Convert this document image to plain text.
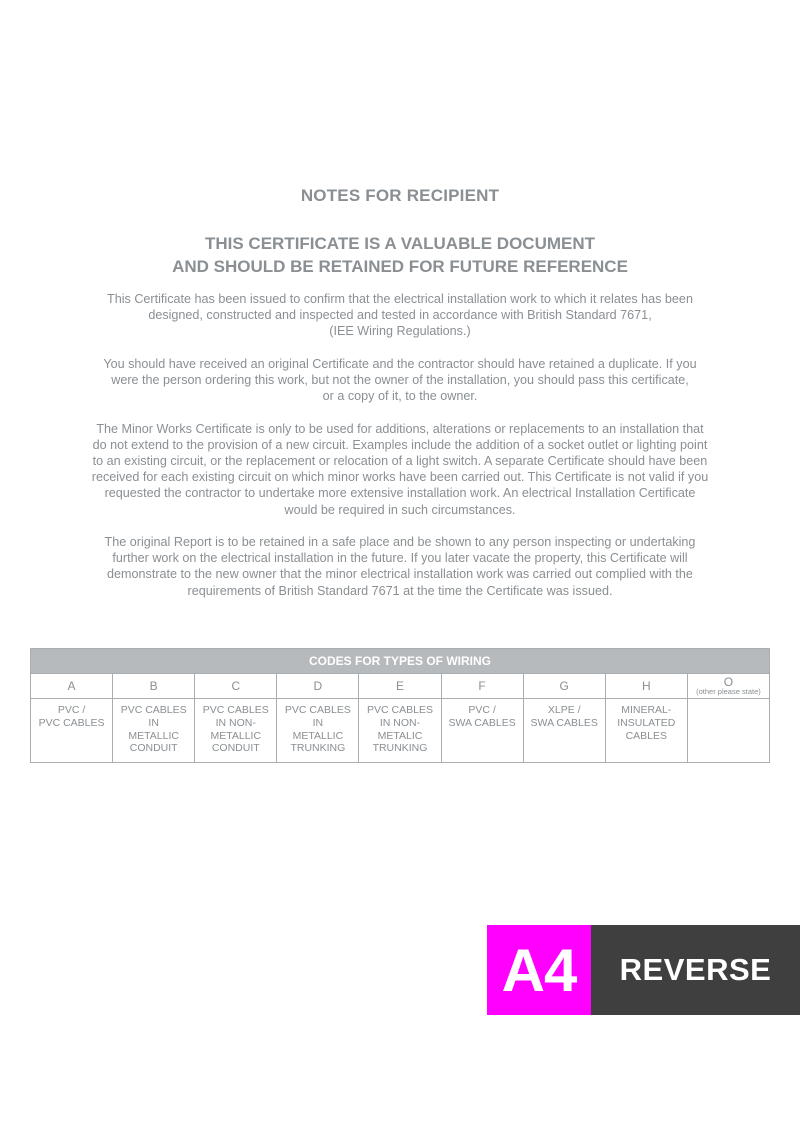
NOTES FOR RECIPIENT
THIS CERTIFICATE IS A VALUABLE DOCUMENT
AND SHOULD BE RETAINED FOR FUTURE REFERENCE

This Certificate has been issued to confirm that the electrical installation work to which it relates has been
designed, constructed and inspected and tested in accordance with British Standard 7671,
(IEE Wiring Regulations.)

You should have received an original Certificate and the contractor should have retained a duplicate. If you
were the person ordering this work, but not the owner of the installation, you should pass this certificate,
or a copy of it, to the owner.

The Minor Works Certificate is only to be used for additions, alterations or replacements to an installation that
do not extend to the provision of a new circuit. Examples include the addition of a socket outlet or lighting point
to an existing circuit, or the replacement or relocation of a light switch. A separate Certificate should have been
received for each existing circuit on which minor works have been carried out. This Certificate is not valid if you
requested the contractor to undertake more extensive installation work. An electrical Installation Certificate
would be required in such circumstances.

The original Report is to be retained in a safe place and be shown to any person inspecting or undertaking
further work on the electrical installation in the future. If you later vacate the property, this Certificate will
demonstrate to the new owner that the minor electrical installation work was carried out complied with the
requirements of British Standard 7671 at the time the Certificate was issued.

CODES FOR TYPES OF WIRING								
A	B	C	D	E	F	G	H	O
(other please state)

PVC /
PVC CABLES	PVC CABLES
IN
METALLIC
CONDUIT	PVC CABLES
IN NON-
METALLIC
CONDUIT	PVC CABLES
IN
METALLIC
TRUNKING	PVC CABLES
IN NON-
METALIC
TRUNKING	PVC /
SWA CABLES	XLPE /
SWA CABLES	MINERAL-
INSULATED
CABLES	
A4	REVERSE
